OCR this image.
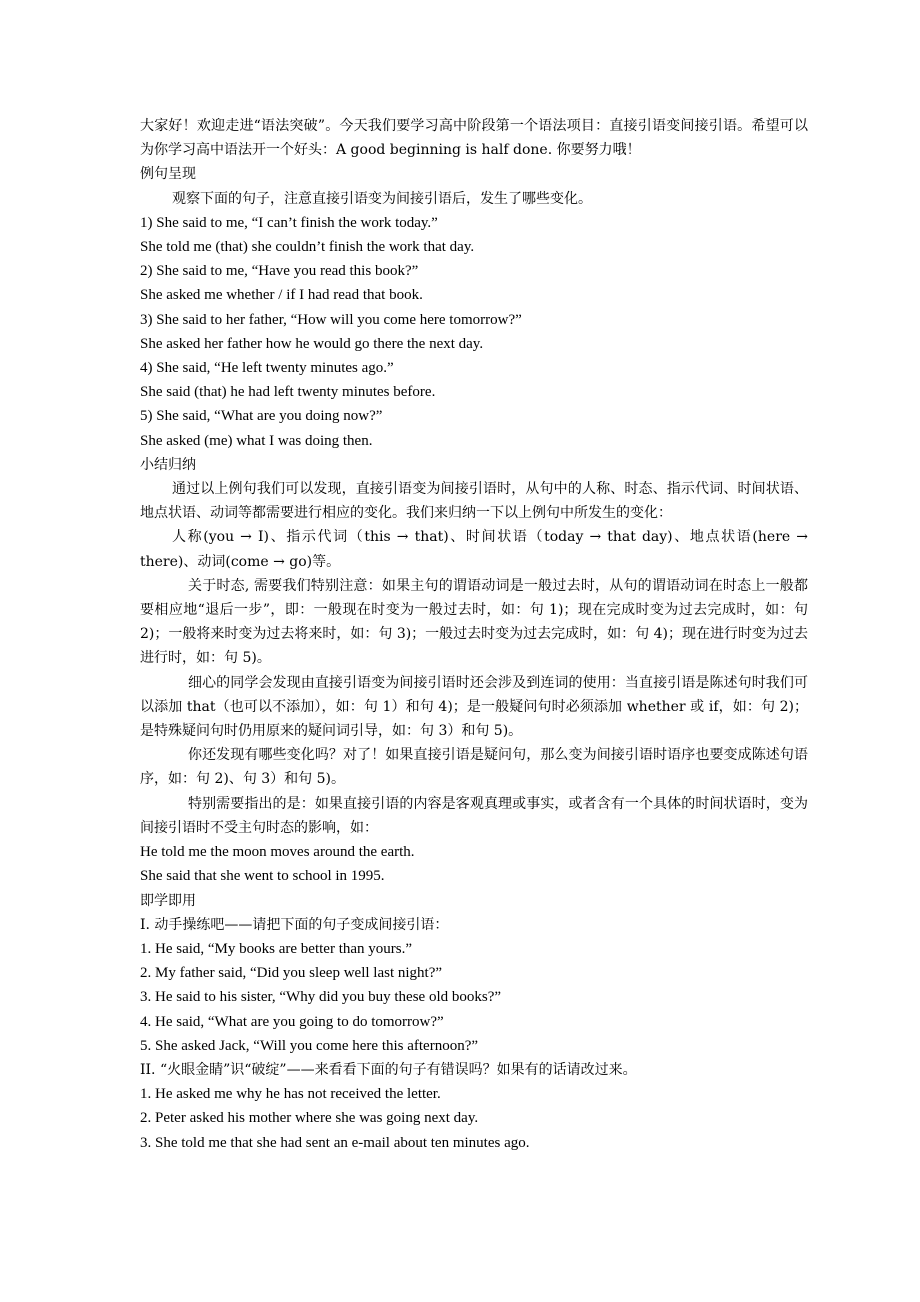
大家好！欢迎走进“语法突破”。今天我们要学习高中阶段第一个语法项目：直接引语变间接引语。希望可以为你学习高中语法开一个好头：A good beginning is half done. 你要努力哦！
例句呈现
观察下面的句子，注意直接引语变为间接引语后，发生了哪些变化。
1) She said to me, “I can’t finish the work today.”
She told me (that) she couldn’t finish the work that day.
2) She said to me, “Have you read this book?”
She asked me whether / if I had read that book.
3) She said to her father, “How will you come here tomorrow?”
She asked her father how he would go there the next day.
4) She said, “He left twenty minutes ago.”
She said (that) he had left twenty minutes before.
5) She said, “What are you doing now?”
She asked (me) what I was doing then.
小结归纳
通过以上例句我们可以发现，直接引语变为间接引语时，从句中的人称、时态、指示代词、时间状语、地点状语、动词等都需要进行相应的变化。我们来归纳一下以上例句中所发生的变化：
人称(you → I)、指示代词（this → that)、时间状语（today → that day)、地点状语(here → there)、动词(come → go)等。
关于时态, 需要我们特别注意：如果主句的谓语动词是一般过去时，从句的谓语动词在时态上一般都要相应地“退后一步”，即：一般现在时变为一般过去时，如：句 1)；现在完成时变为过去完成时，如：句 2)；一般将来时变为过去将来时，如：句 3)；一般过去时变为过去完成时，如：句 4)；现在进行时变为过去进行时，如：句 5)。
细心的同学会发现由直接引语变为间接引语时还会涉及到连词的使用：当直接引语是陈述句时我们可以添加 that（也可以不添加），如：句 1）和句 4)；是一般疑问句时必须添加 whether 或 if，如：句 2)；是特殊疑问句时仍用原来的疑问词引导，如：句 3）和句 5)。
你还发现有哪些变化吗？对了！如果直接引语是疑问句，那么变为间接引语时语序也要变成陈述句语序，如：句 2)、句 3）和句 5)。
特别需要指出的是：如果直接引语的内容是客观真理或事实，或者含有一个具体的时间状语时，变为间接引语时不受主句时态的影响，如：
He told me the moon moves around the earth.
She said that she went to school in 1995.
即学即用
I. 动手操练吧——请把下面的句子变成间接引语：
1. He said, “My books are better than yours.”
2. My father said, “Did you sleep well last night?”
3. He said to his sister, “Why did you buy these old books?”
4. He said, “What are you going to do tomorrow?”
5. She asked Jack, “Will you come here this afternoon?”
II. “火眼金睛”识“破绽”——来看看下面的句子有错误吗？如果有的话请改过来。
1. He asked me why he has not received the letter.
2. Peter asked his mother where she was going next day.
3. She told me that she had sent an e-mail about ten minutes ago.
